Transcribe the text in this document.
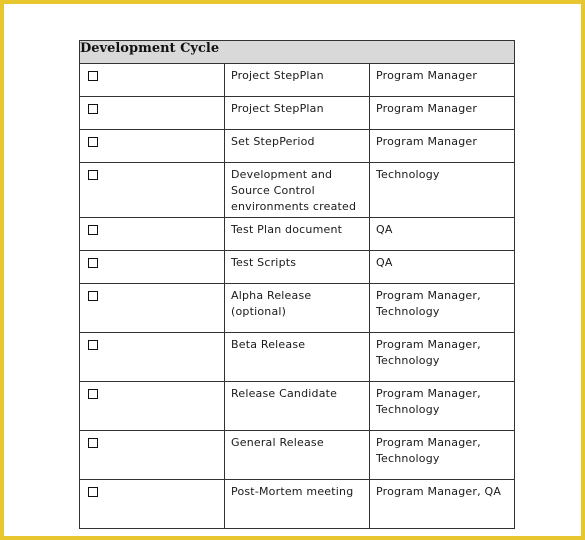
Development Cycle		

	Project StepPlan	Program Manager

	Project StepPlan	Program Manager

	Set StepPeriod	Program Manager

	Development and Source Control environments created	Technology

	Test Plan document	QA

	Test Scripts	QA

	Alpha Release (optional)	Program Manager, Technology

	Beta Release	Program Manager, Technology

	Release Candidate	Program Manager, Technology

	General Release	Program Manager, Technology

	Post-Mortem meeting	Program Manager, QA
